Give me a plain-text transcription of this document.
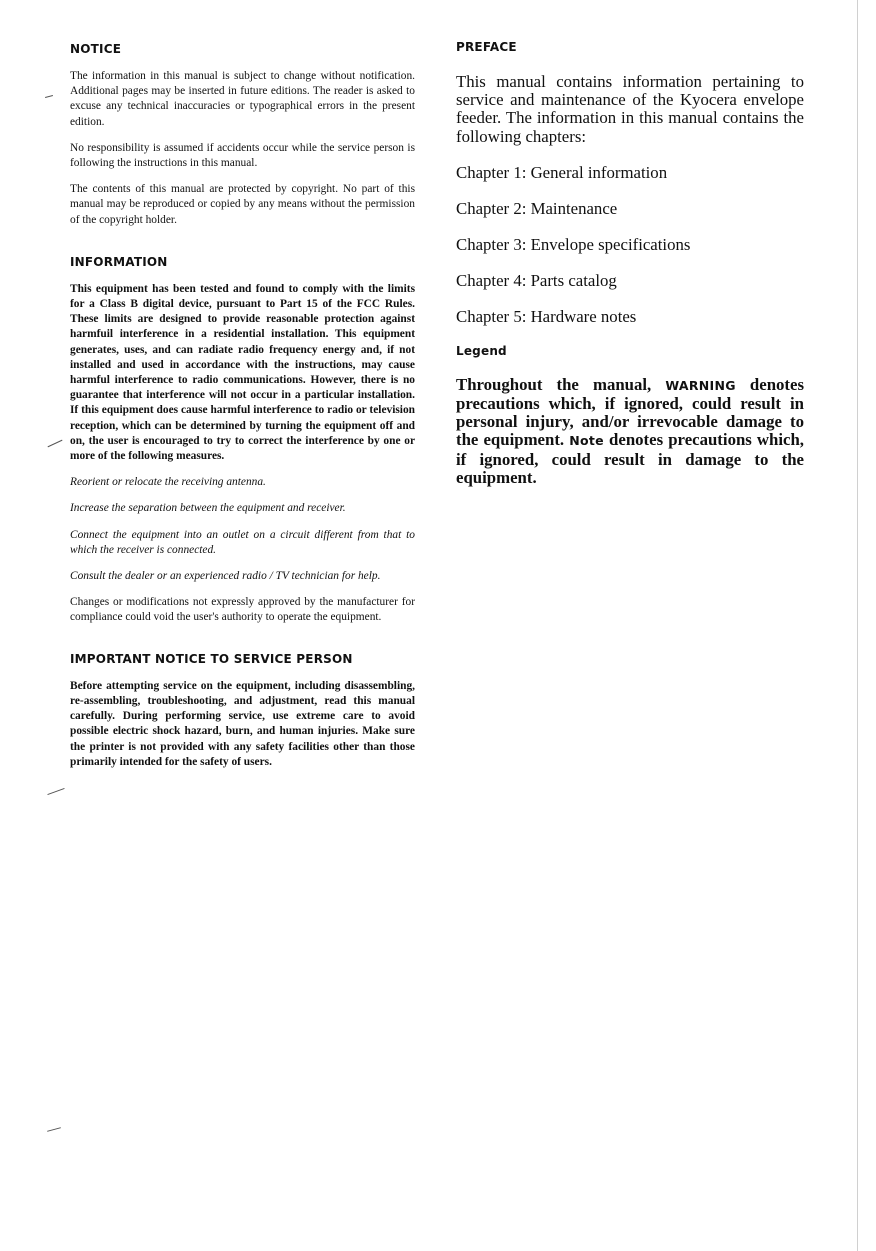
NOTICE

The information in this manual is subject to change without notification. Additional pages may be inserted in future editions. The reader is asked to excuse any technical inaccuracies or typographical errors in the present edition.

No responsibility is assumed if accidents occur while the service person is following the instructions in this manual.

The contents of this manual are protected by copyright. No part of this manual may be reproduced or copied by any means without the permission of the copyright holder.

INFORMATION

This equipment has been tested and found to comply with the limits for a Class B digital device, pursuant to Part 15 of the FCC Rules. These limits are designed to provide reasonable protection against harmfuil interference in a residential installation. This equipment generates, uses, and can radiate radio frequency energy and, if not installed and used in accordance with the instructions, may cause harmful interference to radio communications. However, there is no guarantee that interference will not occur in a particular installation. If this equipment does cause harmful interference to radio or television reception, which can be determined by turning the equipment off and on, the user is encouraged to try to correct the interference by one or more of the following measures.

Reorient or relocate the receiving antenna.

Increase the separation between the equipment and receiver.

Connect the equipment into an outlet on a circuit different from that to which the receiver is connected.

Consult the dealer or an experienced radio / TV technician for help.

Changes or modifications not expressly approved by the manufacturer for compliance could void the user's authority to operate the equipment.

IMPORTANT NOTICE TO SERVICE PERSON

Before attempting service on the equipment, including disassembling, re-assembling, troubleshooting, and adjustment, read this manual carefully. During performing service, use extreme care to avoid possible electric shock hazard, burn, and human injuries. Make sure the printer is not provided with any safety facilities other than those primarily intended for the safety of users.

PREFACE

This manual contains information pertaining to service and maintenance of the Kyocera envelope feeder. The information in this manual contains the following chapters:

Chapter 1: General information

Chapter 2: Maintenance

Chapter 3: Envelope specifications

Chapter 4: Parts catalog

Chapter 5: Hardware notes

Legend

Throughout the manual, WARNING denotes precautions which, if ignored, could result in personal injury, and/or irrevocable damage to the equipment. Note denotes precautions which, if ignored, could result in damage to the equipment.
